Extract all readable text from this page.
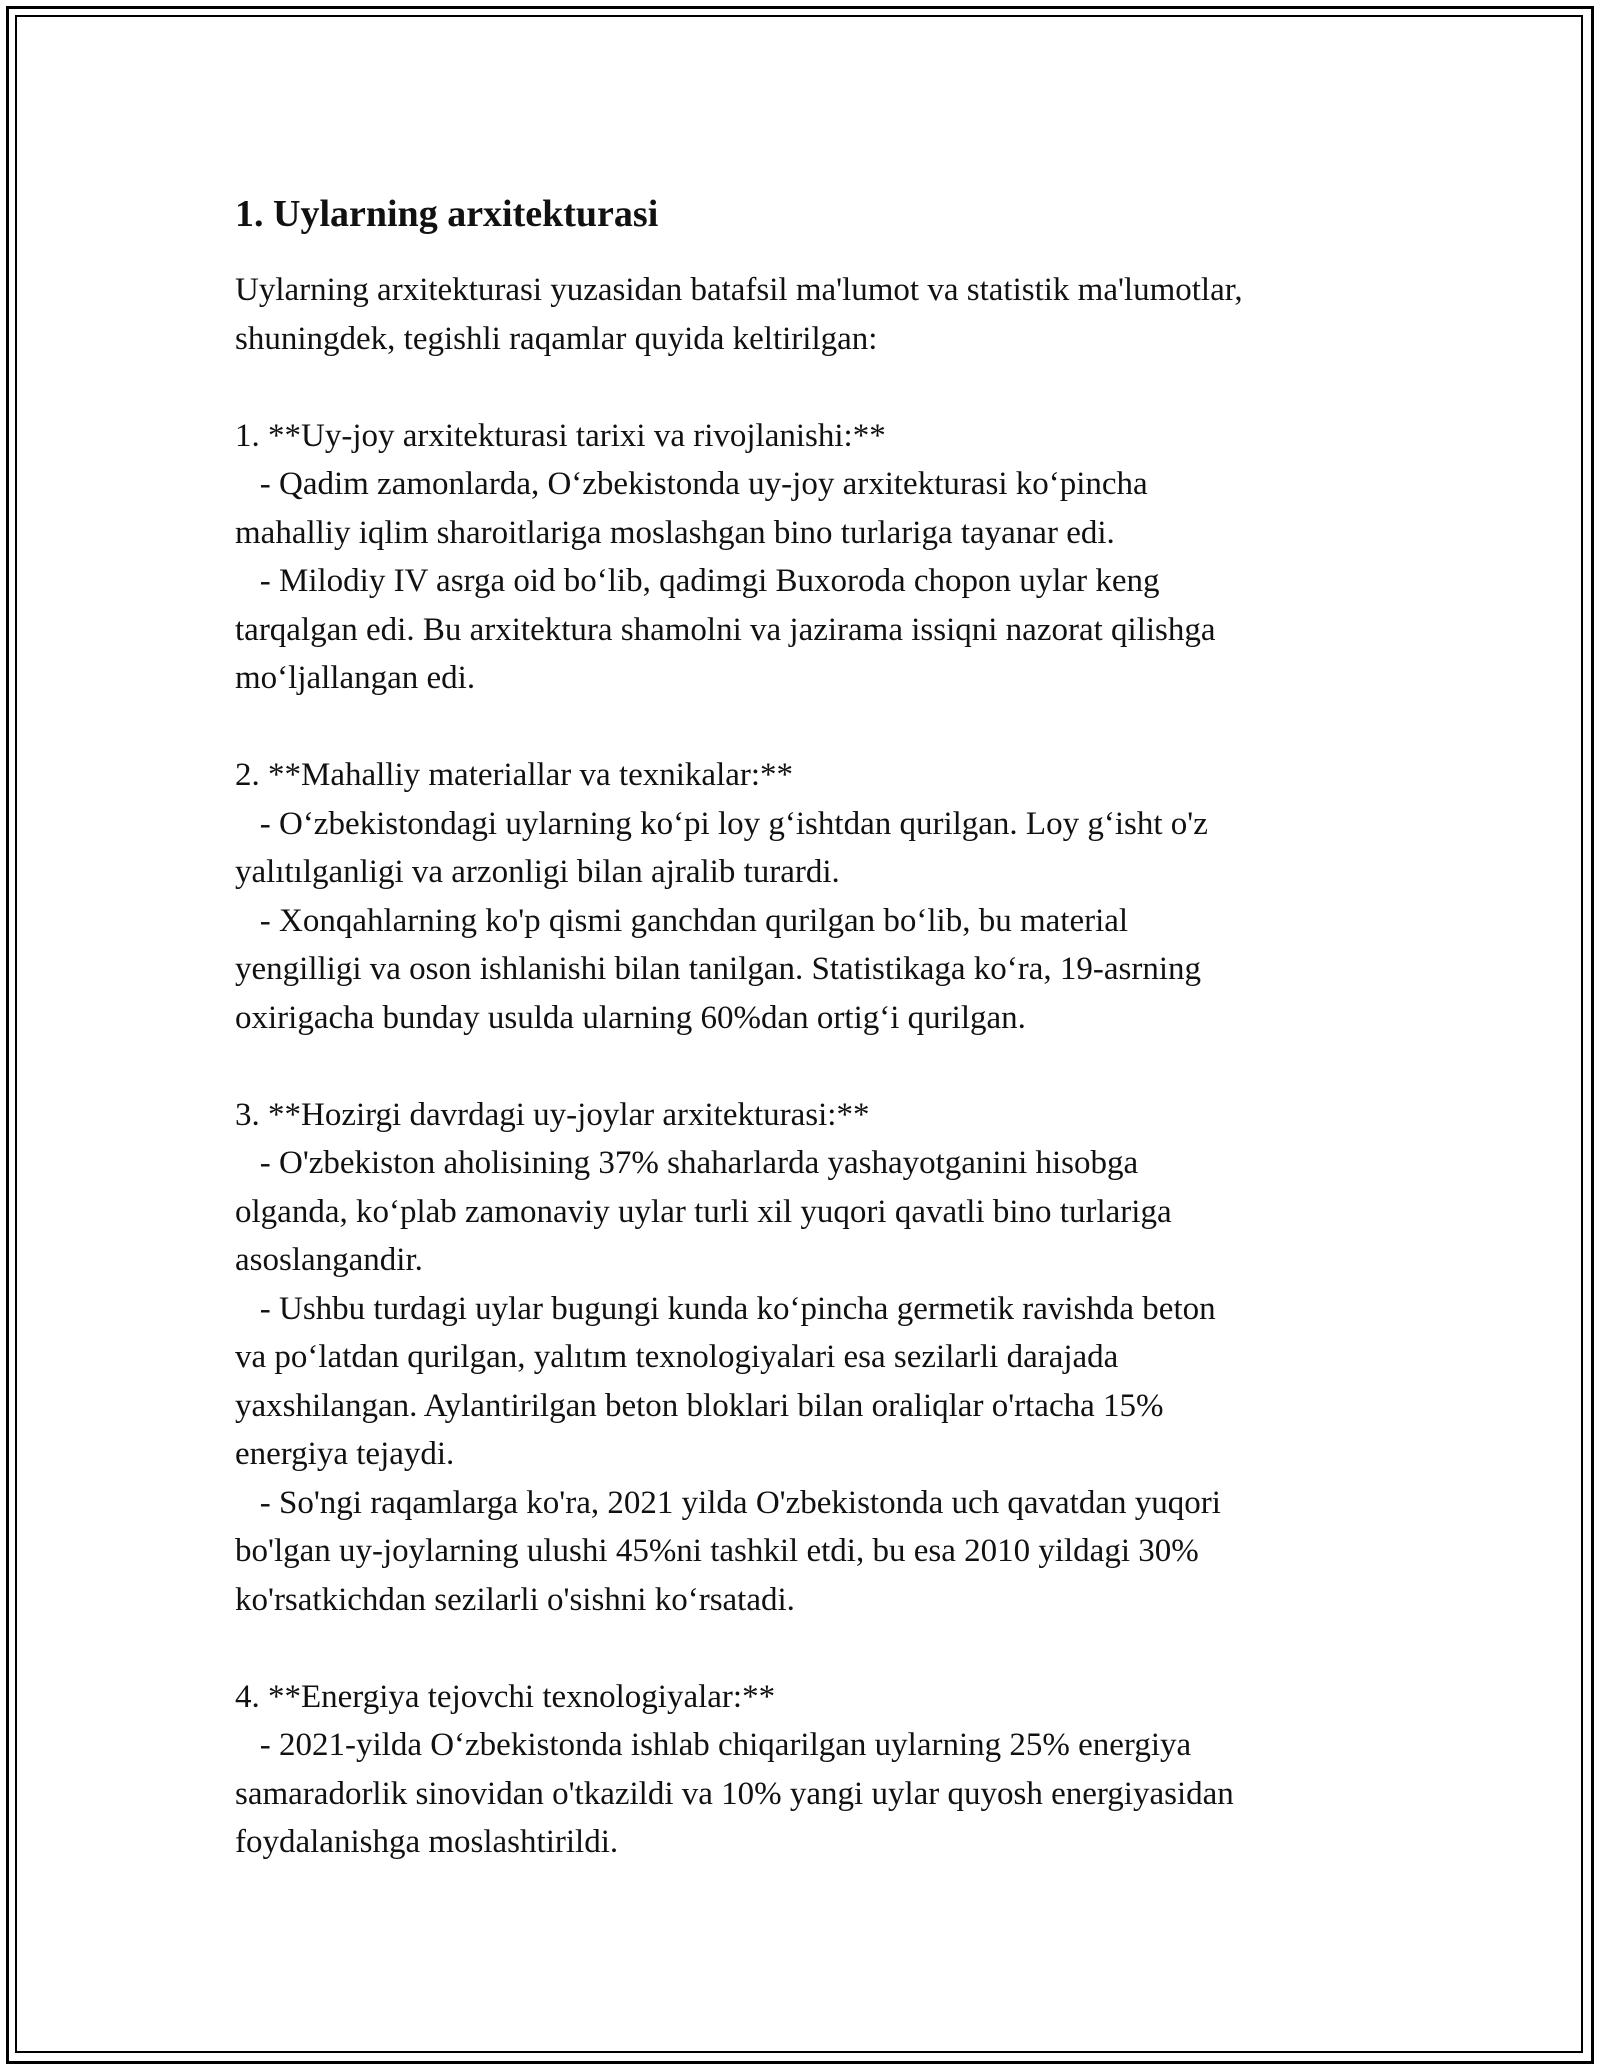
1. Uylarning arxitekturasi

Uylarning arxitekturasi yuzasidan batafsil ma'lumot va statistik ma'lumotlar,
shuningdek, tegishli raqamlar quyida keltirilgan:

1. **Uy-joy arxitekturasi tarixi va rivojlanishi:**
- Qadim zamonlarda, O‘zbekistonda uy-joy arxitekturasi ko‘pincha
mahalliy iqlim sharoitlariga moslashgan bino turlariga tayanar edi.
- Milodiy IV asrga oid bo‘lib, qadimgi Buxoroda chopon uylar keng
tarqalgan edi. Bu arxitektura shamolni va jazirama issiqni nazorat qilishga
mo‘ljallangan edi.

2. **Mahalliy materiallar va texnikalar:**
- O‘zbekistondagi uylarning ko‘pi loy g‘ishtdan qurilgan. Loy g‘isht o'z
yalıtılganligi va arzonligi bilan ajralib turardi.
- Xonqahlarning ko'p qismi ganchdan qurilgan bo‘lib, bu material
yengilligi va oson ishlanishi bilan tanilgan. Statistikaga ko‘ra, 19-asrning
oxirigacha bunday usulda ularning 60%dan ortig‘i qurilgan.

3. **Hozirgi davrdagi uy-joylar arxitekturasi:**
- O'zbekiston aholisining 37% shaharlarda yashayotganini hisobga
olganda, ko‘plab zamonaviy uylar turli xil yuqori qavatli bino turlariga
asoslangandir.
- Ushbu turdagi uylar bugungi kunda ko‘pincha germetik ravishda beton
va po‘latdan qurilgan, yalıtım texnologiyalari esa sezilarli darajada
yaxshilangan. Aylantirilgan beton bloklari bilan oraliqlar o'rtacha 15%
energiya tejaydi.
- So'ngi raqamlarga ko'ra, 2021 yilda O'zbekistonda uch qavatdan yuqori
bo'lgan uy-joylarning ulushi 45%ni tashkil etdi, bu esa 2010 yildagi 30%
ko'rsatkichdan sezilarli o'sishni ko‘rsatadi.

4. **Energiya tejovchi texnologiyalar:**
- 2021-yilda O‘zbekistonda ishlab chiqarilgan uylarning 25% energiya
samaradorlik sinovidan o'tkazildi va 10% yangi uylar quyosh energiyasidan
foydalanishga moslashtirildi.
